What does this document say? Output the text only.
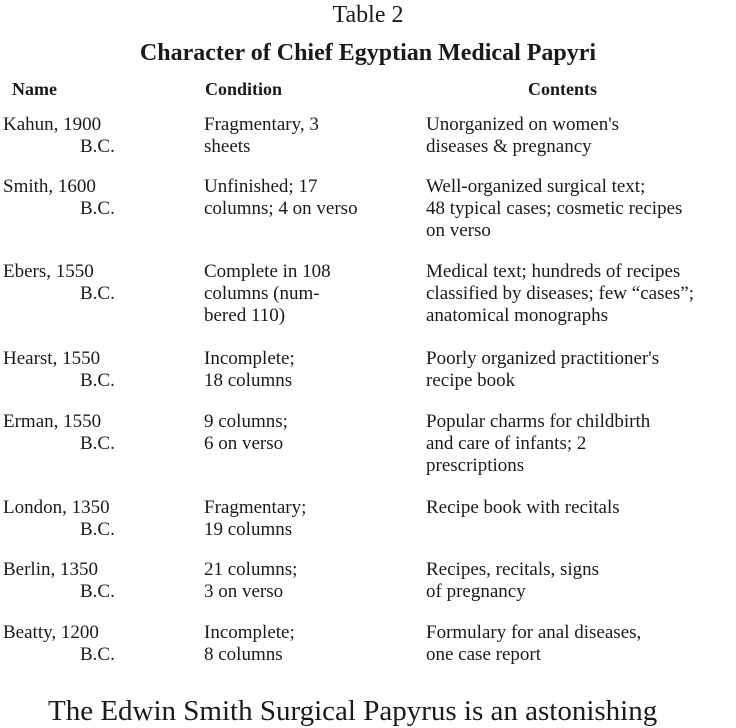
Table 2
Character of Chief Egyptian Medical Papyri
Name	Condition	Contents
Kahun, 1900
B.C.
Fragmentary, 3
sheets
Unorganized on women's
diseases & pregnancy
Smith, 1600
B.C.
Unfinished; 17
columns; 4 on verso
Well-organized surgical text;
48 typical cases; cosmetic recipes
on verso
Ebers, 1550
B.C.
Complete in 108
columns (num-
bered 110)
Medical text; hundreds of recipes
classified by diseases; few “cases”;
anatomical monographs
Hearst, 1550
B.C.
Incomplete;
18 columns
Poorly organized practitioner's
recipe book
Erman, 1550
B.C.
9 columns;
6 on verso
Popular charms for childbirth
and care of infants; 2
prescriptions
London, 1350
B.C.
Fragmentary;
19 columns
Recipe book with recitals
Berlin, 1350
B.C.
21 columns;
3 on verso
Recipes, recitals, signs
of pregnancy
Beatty, 1200
B.C.
Incomplete;
8 columns
Formulary for anal diseases,
one case report
The Edwin Smith Surgical Papyrus is an astonishing
